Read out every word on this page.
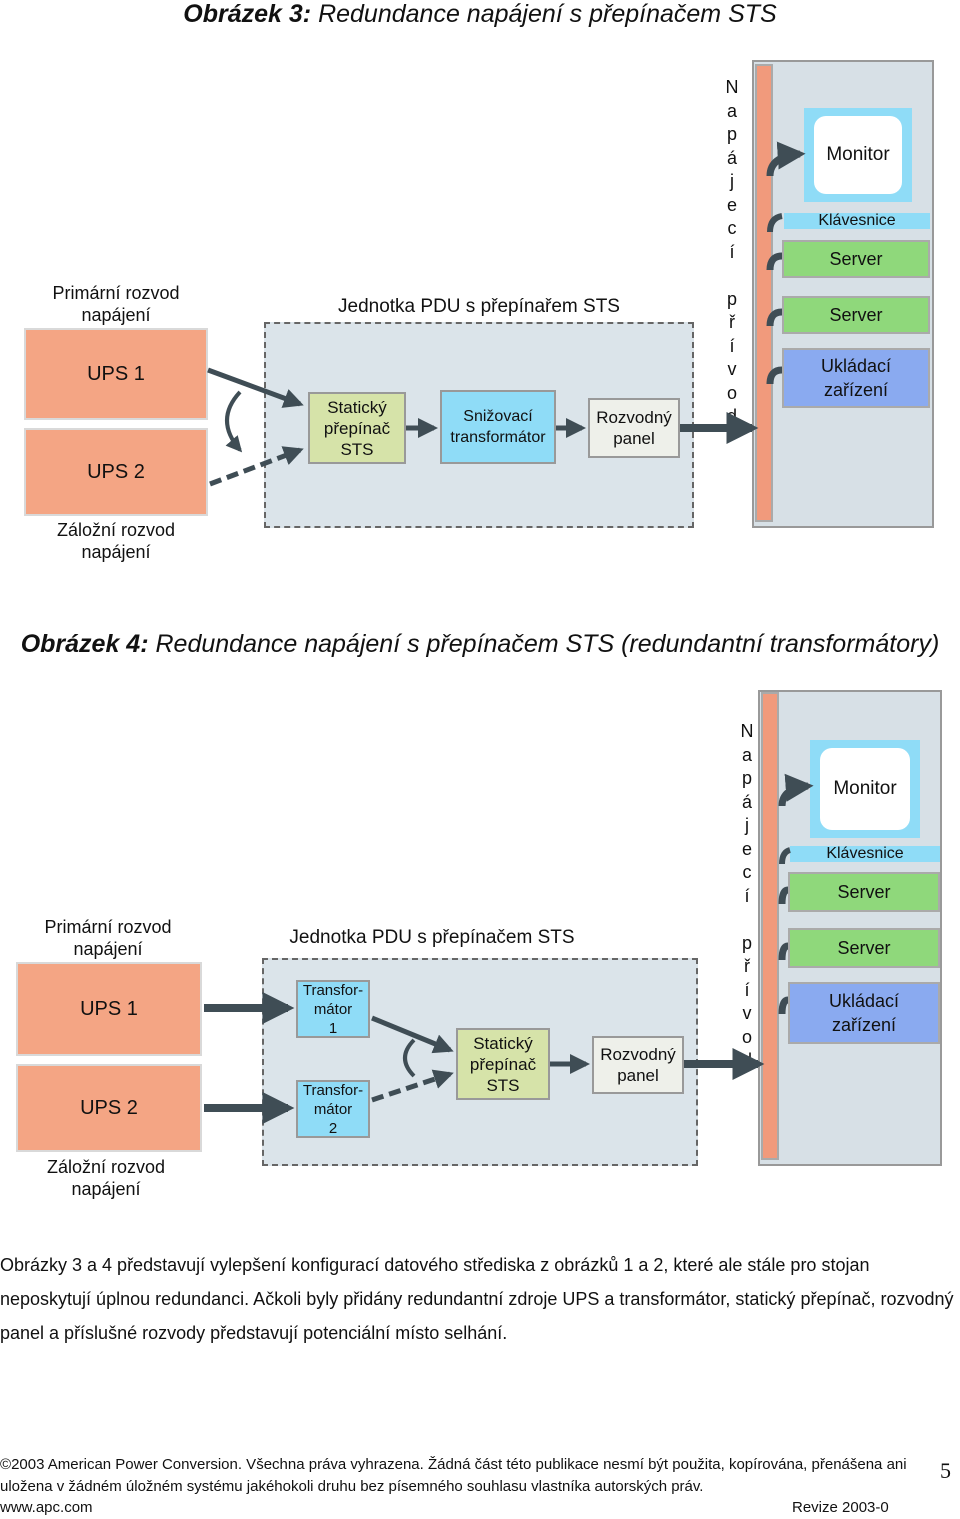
Obrázek 3: Redundance napájení s přepínačem STS
Primární rozvod
napájení
UPS 1
UPS 2
Záložní rozvod
napájení
Jednotka PDU s přepínařem STS
Statický
přepínač
STS
Snižovací
transformátor
Rozvodný
panel
N
a
p
á
j
e
c
í

p
ř
í
v
o
d
Monitor
Klávesnice
Server
Server
Ukládací
zařízení
Obrázek 4: Redundance napájení s přepínačem STS (redundantní transformátory)
Primární rozvod
napájení
UPS 1
UPS 2
Záložní rozvod
napájení
Jednotka PDU s přepínačem STS
Transfor-
mátor
1
Transfor-
mátor
2
Statický
přepínač
STS
Rozvodný
panel
N
a
p
á
j
e
c
í

p
ř
í
v
o
d
Monitor
Klávesnice
Server
Server
Ukládací
zařízení
Obrázky 3 a 4 představují vylepšení konfigurací datového střediska z obrázků 1 a 2, které ale stále pro stojan neposkytují úplnou redundanci. Ačkoli byly přidány redundantní zdroje UPS a transformátor, statický přepínač, rozvodný panel a příslušné rozvody představují potenciální místo selhání.
©2003 American Power Conversion. Všechna práva vyhrazena. Žádná část této publikace nesmí být použita, kopírována, přenášena ani
uložena v žádném úložném systému jakéhokoli druhu bez písemného souhlasu vlastníka autorských práv.
www.apc.com	Revize 2003-0
5
